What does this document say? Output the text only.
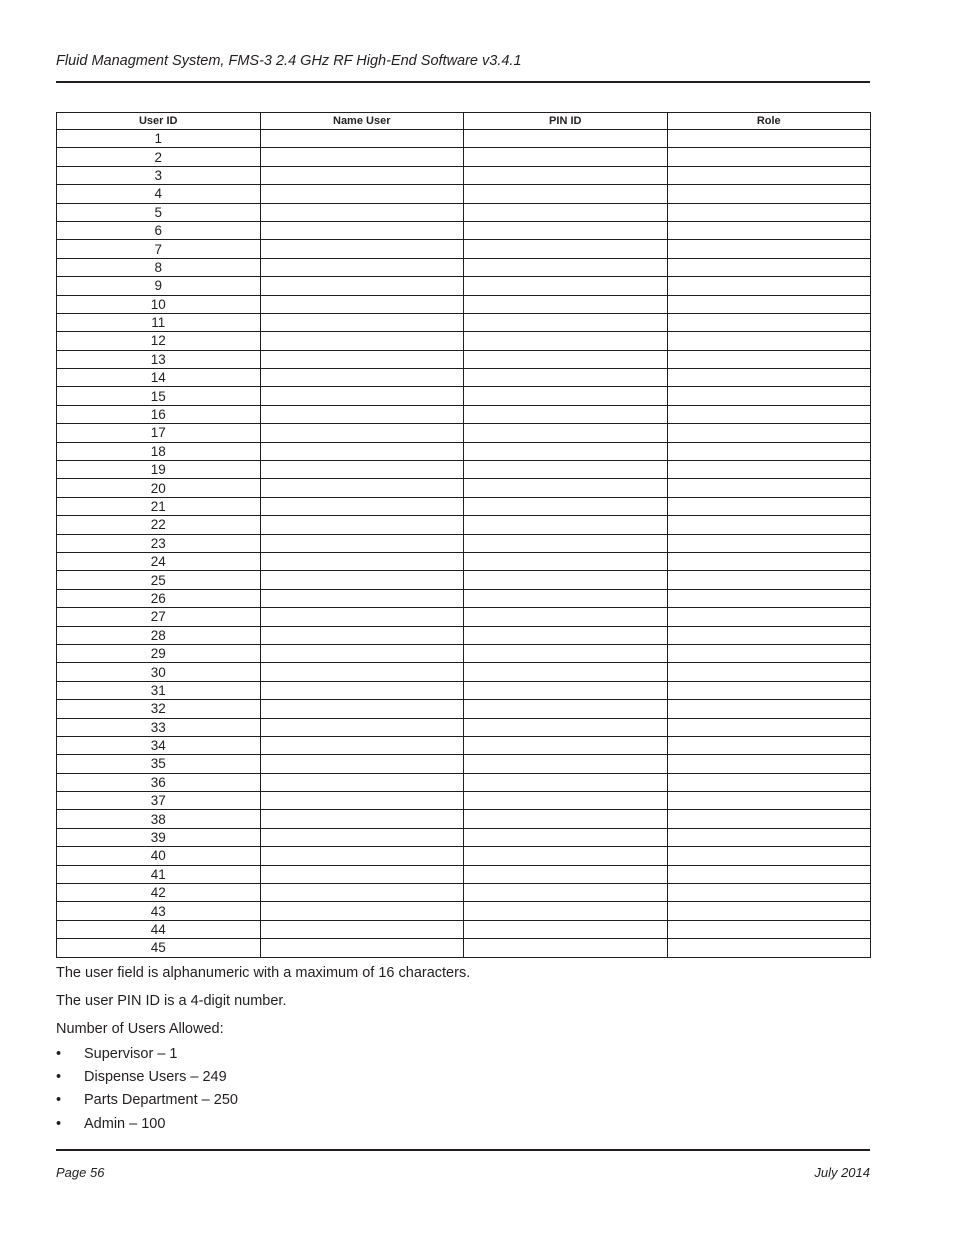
Fluid Managment System, FMS-3 2.4 GHz RF High-End Software v3.4.1
User ID	Name User	PIN ID	Role
1			
2			
3			
4			
5			
6			
7			
8			
9			
10			
11			
12			
13			
14			
15			
16			
17			
18			
19			
20			
21			
22			
23			
24			
25			
26			
27			
28			
29			
30			
31			
32			
33			
34			
35			
36			
37			
38			
39			
40			
41			
42			
43			
44			
45			

The user field is alphanumeric with a maximum of 16 characters.

The user PIN ID is a 4-digit number.

Number of Users Allowed:

• Supervisor – 1
• Dispense Users – 249
• Parts Department – 250
• Admin – 100
Page 56	July 2014
